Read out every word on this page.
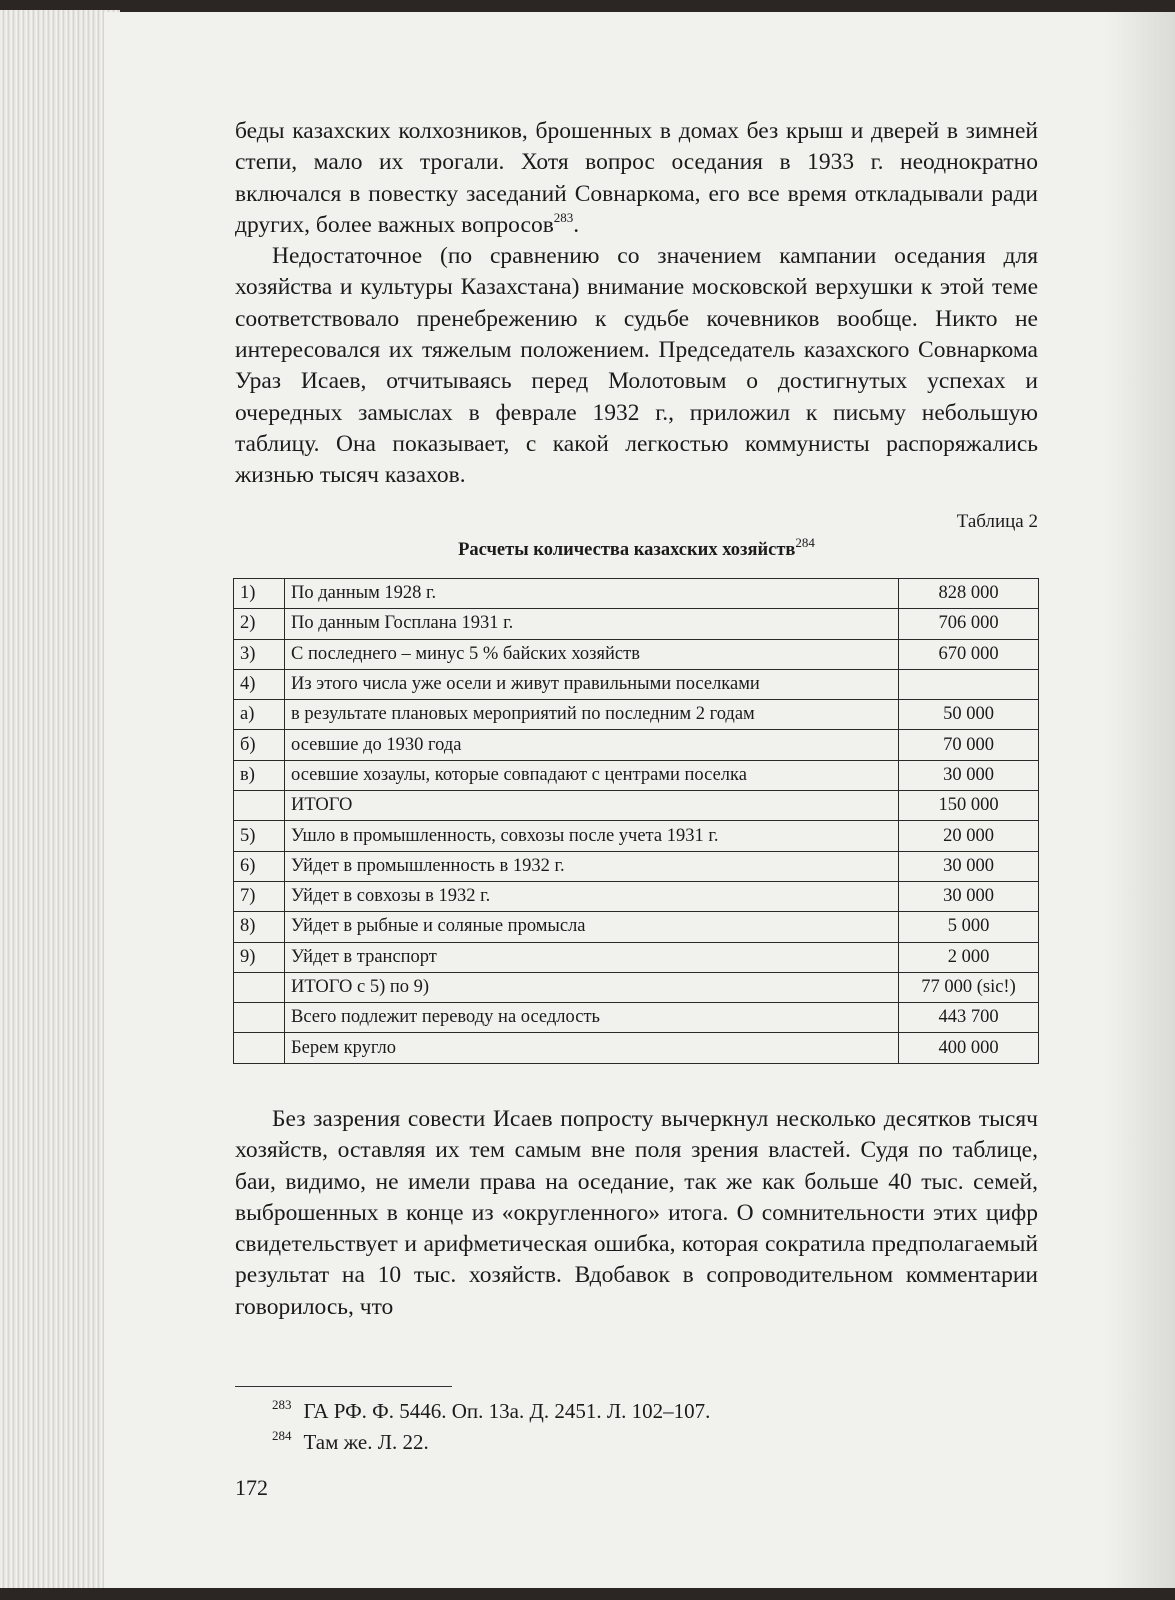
беды казахских колхозников, брошенных в домах без крыш и дверей в зимней степи, мало их трогали. Хотя вопрос оседания в 1933 г. неоднократно включался в повестку заседаний Совнаркома, его все время откладывали ради других, более важных вопросов$^{283}$.

Недостаточное (по сравнению со значением кампании оседания для хозяйства и культуры Казахстана) внимание московской верхушки к этой теме соответствовало пренебрежению к судьбе кочевников вообще. Никто не интересовался их тяжелым положением. Председатель казахского Совнаркома Ураз Исаев, отчитываясь перед Молотовым о достигнутых успехах и очередных замыслах в феврале 1932 г., приложил к письму небольшую таблицу. Она показывает, с какой легкостью коммунисты распоряжались жизнью тысяч казахов.

Таблица 2
Расчеты количества казахских хозяйств$^{284}$
1)	По данным 1928 г.	828 000
2)	По данным Госплана 1931 г.	706 000
3)	С последнего – минус 5 % байских хозяйств	670 000
4)	Из этого числа уже осели и живут правильными поселками	
а)	в результате плановых мероприятий по последним 2 годам	50 000
б)	осевшие до 1930 года	70 000
в)	осевшие хозаулы, которые совпадают с центрами поселка	30 000
	ИТОГО	150 000
5)	Ушло в промышленность, совхозы после учета 1931 г.	20 000
6)	Уйдет в промышленность в 1932 г.	30 000
7)	Уйдет в совхозы в 1932 г.	30 000
8)	Уйдет в рыбные и соляные промысла	5 000
9)	Уйдет в транспорт	2 000
	ИТОГО с 5) по 9)	77 000 (sic!)
	Всего подлежит переводу на оседлость	443 700
	Берем кругло	400 000

Без зазрения совести Исаев попросту вычеркнул несколько десятков тысяч хозяйств, оставляя их тем самым вне поля зрения властей. Судя по таблице, баи, видимо, не имели права на оседание, так же как больше 40 тыс. семей, выброшенных в конце из «округленного» итога. О сомнительности этих цифр свидетельствует и арифметическая ошибка, которая сократила предполагаемый результат на 10 тыс. хозяйств. Вдобавок в сопроводительном комментарии говорилось, что

$^{283}$ ГА РФ. Ф. 5446. Оп. 13а. Д. 2451. Л. 102–107.
$^{284}$ Там же. Л. 22.
172
